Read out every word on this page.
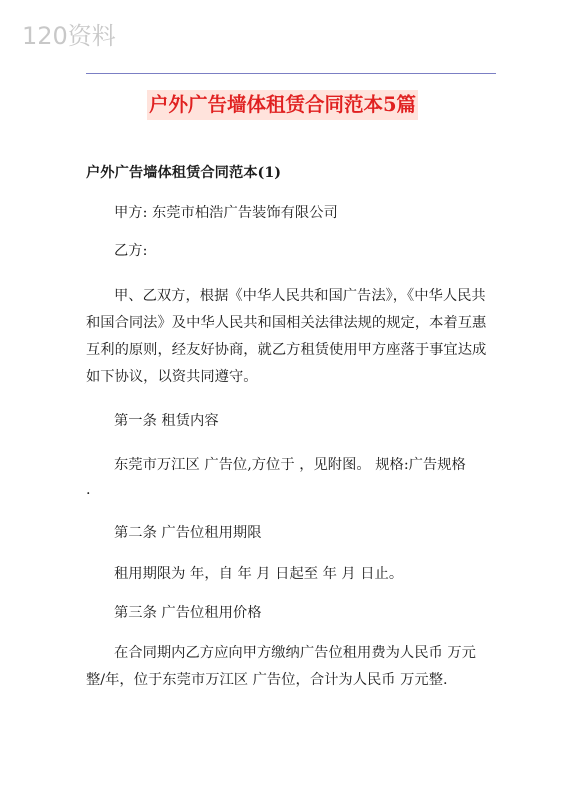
120资料
户外广告墙体租赁合同范本5篇
户外广告墙体租赁合同范本(1)
甲方: 东莞市柏浩广告装饰有限公司
乙方:
甲、乙双方，根据《中华人民共和国广告法》，《中华人民共和国合同法》及中华人民共和国相关法律法规的规定，本着互惠互利的原则，经友好协商，就乙方租赁使用甲方座落于事宜达成如下协议，以资共同遵守。
第一条 租赁内容
东莞市万江区 广告位,方位于 ，见附图。 规格:广告规格
.
第二条 广告位租用期限
租用期限为 年，自 年 月 日起至 年 月 日止。
第三条 广告位租用价格
在合同期内乙方应向甲方缴纳广告位租用费为人民币 万元整/年，位于东莞市万江区 广告位，合计为人民币 万元整.
